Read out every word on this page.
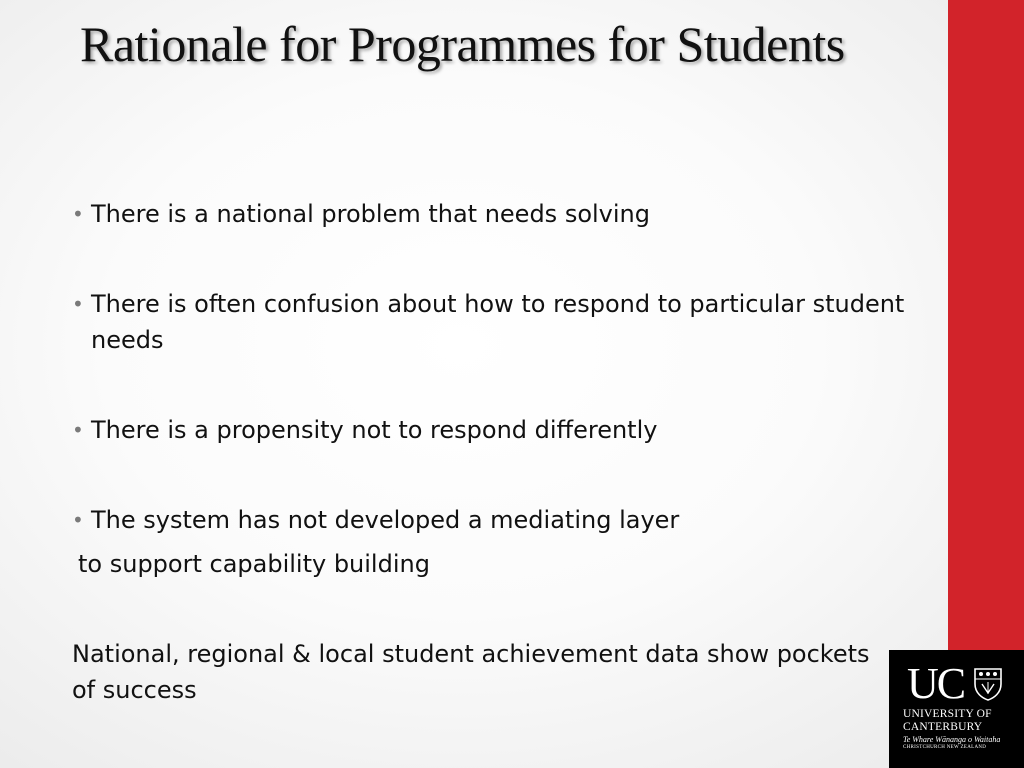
Rationale for Programmes for Students
• There is a national problem that needs solving
• There is often confusion about how to respond to particular student needs
• There is a propensity not to respond differently
• The system has not developed a mediating layer
to support capability building
National, regional & local student achievement data show pockets of success	UC
UNIVERSITY OF
CANTERBURY
Te Whare Wānanga o Waitaha
CHRISTCHURCH NEW ZEALAND
